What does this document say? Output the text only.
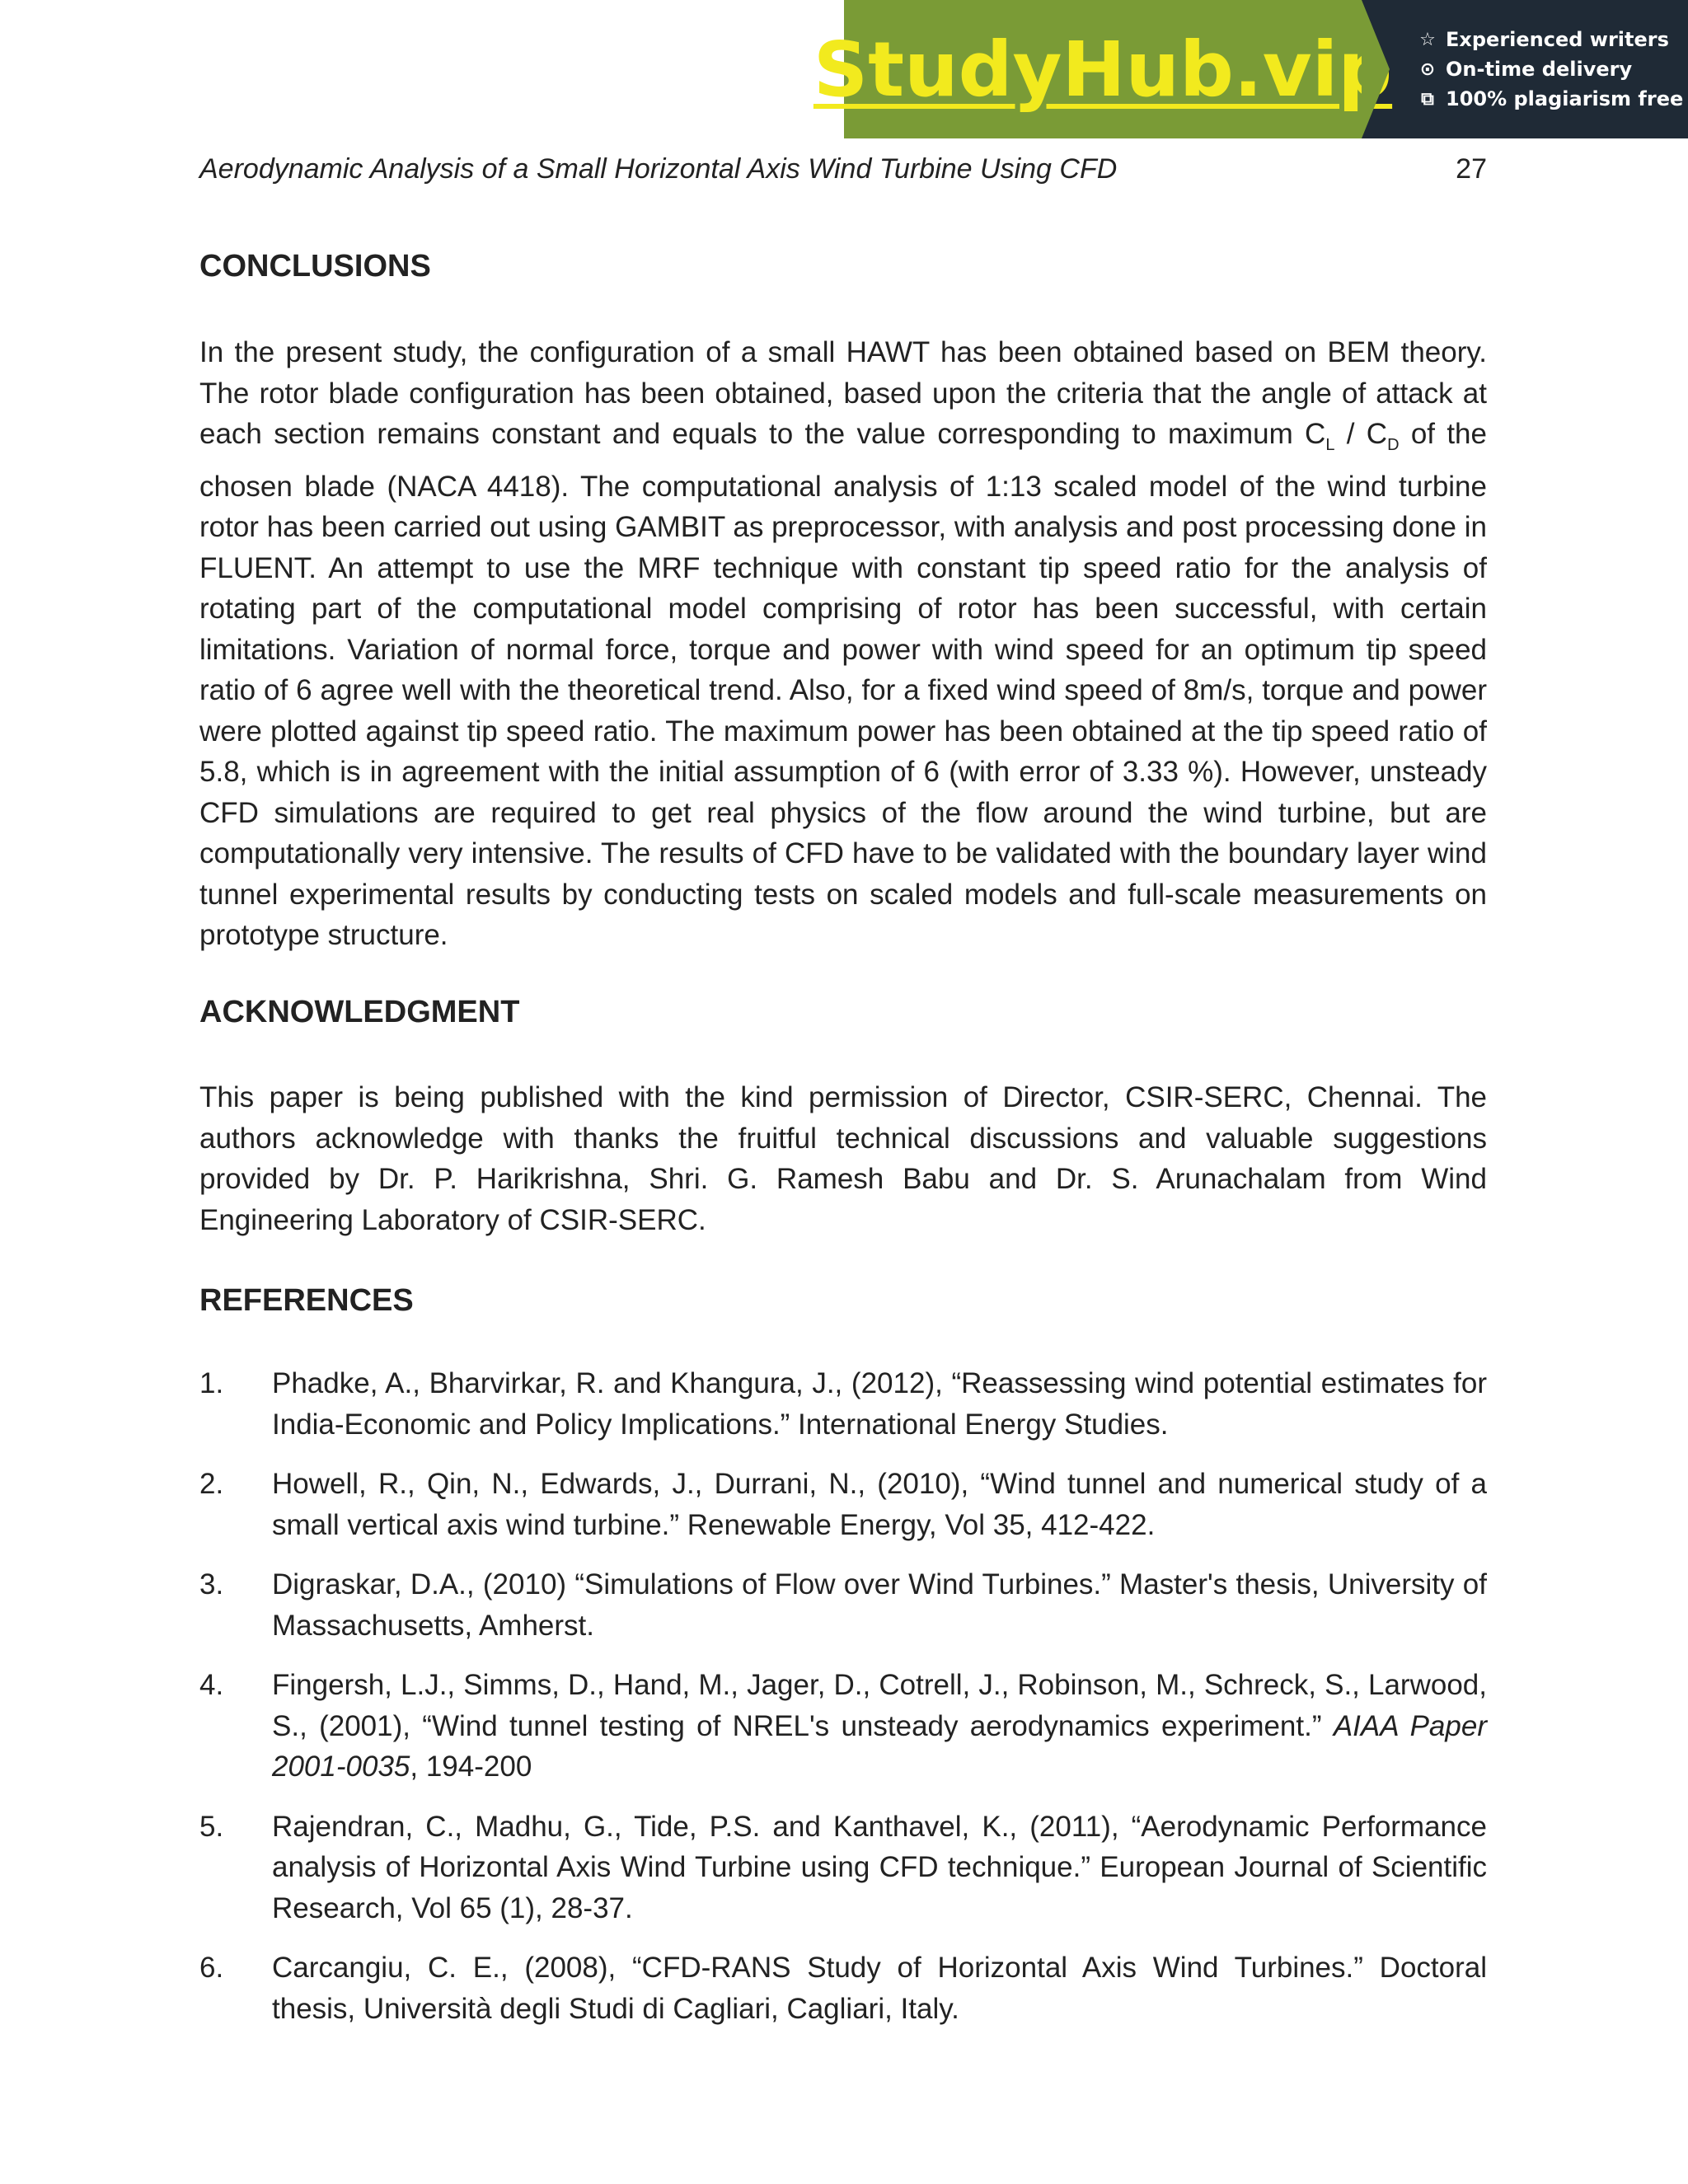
StudyHub.vip ☆ Experienced writers
⊙ On-time delivery
⧉ 100% plagiarism free
Aerodynamic Analysis of a Small Horizontal Axis Wind Turbine Using CFD	27
CONCLUSIONS
In the present study, the configuration of a small HAWT has been obtained based on BEM theory. The rotor blade configuration has been obtained, based upon the criteria that the angle of attack at each section remains constant and equals to the value corresponding to maximum $C_L / C_D$ of the chosen blade (NACA 4418). The computational analysis of 1:13 scaled model of the wind turbine rotor has been carried out using GAMBIT as preprocessor, with analysis and post processing done in FLUENT. An attempt to use the MRF technique with constant tip speed ratio for the analysis of rotating part of the computational model comprising of rotor has been successful, with certain limitations. Variation of normal force, torque and power with wind speed for an optimum tip speed ratio of 6 agree well with the theoretical trend. Also, for a fixed wind speed of 8m/s, torque and power were plotted against tip speed ratio. The maximum power has been obtained at the tip speed ratio of 5.8, which is in agreement with the initial assumption of 6 (with error of 3.33 %). However, unsteady CFD simulations are required to get real physics of the flow around the wind turbine, but are computationally very intensive. The results of CFD have to be validated with the boundary layer wind tunnel experimental results by conducting tests on scaled models and full-scale measurements on prototype structure.
ACKNOWLEDGMENT
This paper is being published with the kind permission of Director, CSIR-SERC, Chennai. The authors acknowledge with thanks the fruitful technical discussions and valuable suggestions provided by Dr. P. Harikrishna, Shri. G. Ramesh Babu and Dr. S. Arunachalam from Wind Engineering Laboratory of CSIR-SERC.
REFERENCES
1.	Phadke, A., Bharvirkar, R. and Khangura, J., (2012), “Reassessing wind potential estimates for India-Economic and Policy Implications.” International Energy Studies.
2.	Howell, R., Qin, N., Edwards, J., Durrani, N., (2010), “Wind tunnel and numerical study of a small vertical axis wind turbine.” Renewable Energy, Vol 35, 412-422.
3.	Digraskar, D.A., (2010) “Simulations of Flow over Wind Turbines.” Master's thesis, University of Massachusetts, Amherst.
4.	Fingersh, L.J., Simms, D., Hand, M., Jager, D., Cotrell, J., Robinson, M., Schreck, S., Larwood, S., (2001), “Wind tunnel testing of NREL's unsteady aerodynamics experiment.” AIAA Paper 2001-0035, 194-200
5.	Rajendran, C., Madhu, G., Tide, P.S. and Kanthavel, K., (2011), “Aerodynamic Performance analysis of Horizontal Axis Wind Turbine using CFD technique.” European Journal of Scientific Research, Vol 65 (1), 28-37.
6.	Carcangiu, C. E., (2008), “CFD-RANS Study of Horizontal Axis Wind Turbines.” Doctoral thesis, Università degli Studi di Cagliari, Cagliari, Italy.
